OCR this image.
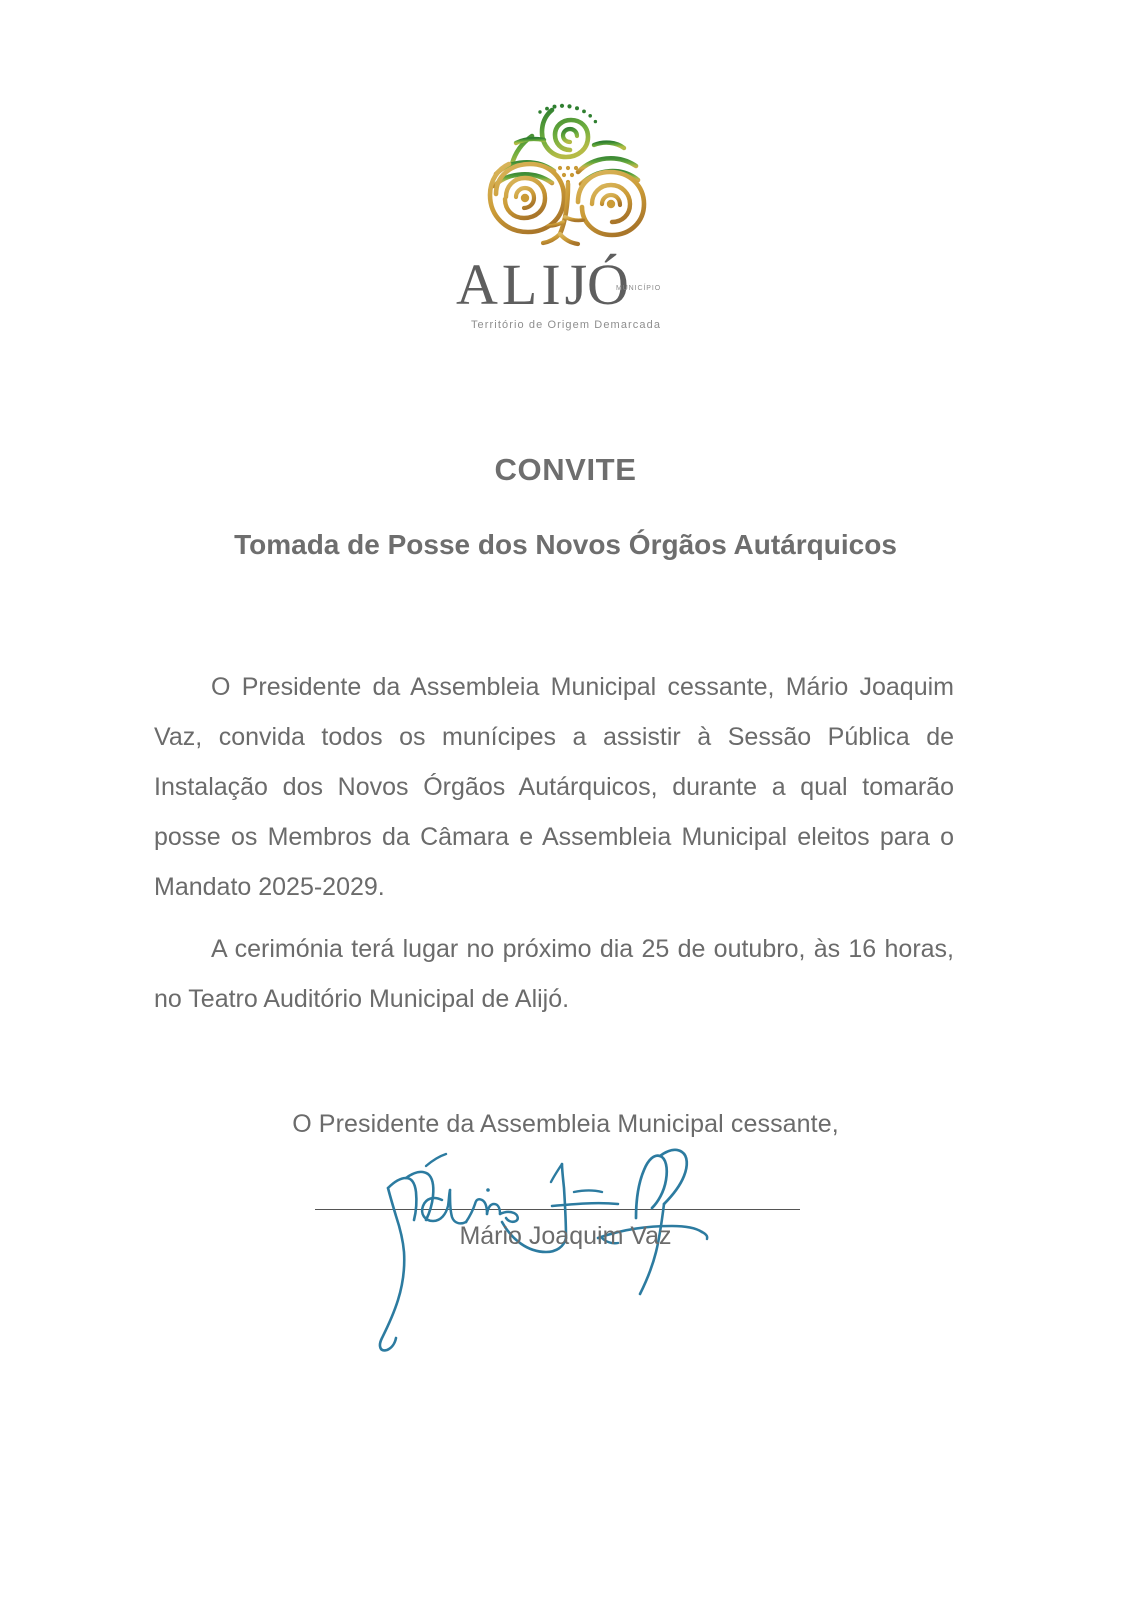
ALIJ
Ó
MUNICÍPIO
Território de Origem Demarcada
CONVITE
Tomada de Posse dos Novos Órgãos Autárquicos

O Presidente da Assembleia Municipal cessante, Mário Joaquim Vaz, convida todos os munícipes a assistir à Sessão Pública de Instalação dos Novos Órgãos Autárquicos, durante a qual tomarão posse os Membros da Câmara e Assembleia Municipal eleitos para o Mandato 2025-2029.

A cerimónia terá lugar no próximo dia 25 de outubro, às 16 horas, no Teatro Auditório Municipal de Alijó.

O Presidente da Assembleia Municipal cessante,
Mário Joaquim Vaz
